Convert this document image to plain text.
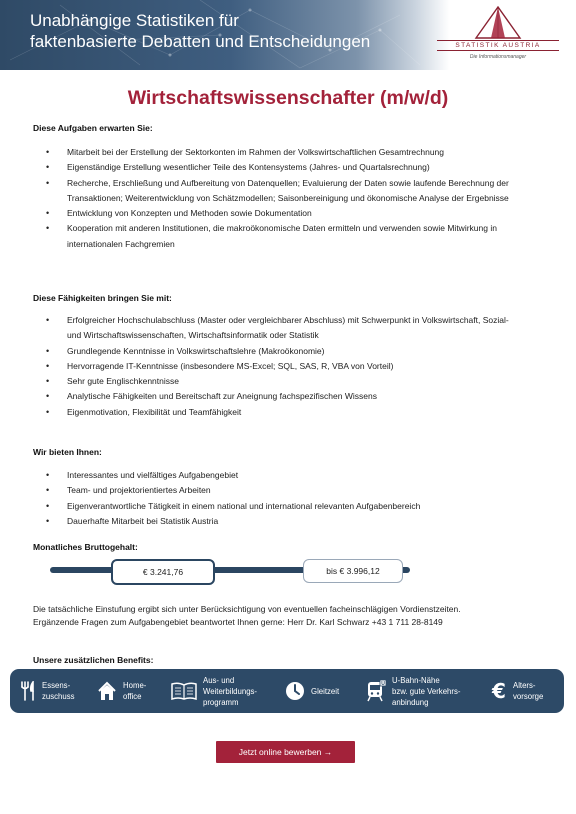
Unabhängige Statistiken für
faktenbasierte Debatten und Entscheidungen	STATISTIK AUSTRIA
Die Informationsmanager
Wirtschaftswissenschafter (m/w/d)
Diese Aufgaben erwarten Sie:
• Mitarbeit bei der Erstellung der Sektorkonten im Rahmen der Volkswirtschaftlichen Gesamtrechnung
• Eigenständige Erstellung wesentlicher Teile des Kontensystems (Jahres- und Quartalsrechnung)
• Recherche, Erschließung und Aufbereitung von Datenquellen; Evaluierung der Daten sowie laufende Berechnung der Transaktionen; Weiterentwicklung von Schätzmodellen; Saisonbereinigung und ökonomische Analyse der Ergebnisse
• Entwicklung von Konzepten und Methoden sowie Dokumentation
• Kooperation mit anderen Institutionen, die makroökonomische Daten ermitteln und verwenden sowie Mitwirkung in internationalen Fachgremien
Diese Fähigkeiten bringen Sie mit:
• Erfolgreicher Hochschulabschluss (Master oder vergleichbarer Abschluss) mit Schwerpunkt in Volkswirtschaft, Sozial- und Wirtschaftswissenschaften, Wirtschaftsinformatik oder Statistik
• Grundlegende Kenntnisse in Volkswirtschaftslehre (Makroökonomie)
• Hervorragende IT-Kenntnisse (insbesondere MS-Excel; SQL, SAS, R, VBA von Vorteil)
• Sehr gute Englischkenntnisse
• Analytische Fähigkeiten und Bereitschaft zur Aneignung fachspezifischen Wissens
• Eigenmotivation, Flexibilität und Teamfähigkeit
Wir bieten Ihnen:
• Interessantes und vielfältiges Aufgabengebiet
• Team- und projektorientiertes Arbeiten
• Eigenverantwortliche Tätigkeit in einem national und international relevanten Aufgabenbereich
• Dauerhafte Mitarbeit bei Statistik Austria
Monatliches Bruttogehalt:
€ 3.241,76	bis € 3.996,12
Die tatsächliche Einstufung ergibt sich unter Berücksichtigung von eventuellen facheinschlägigen Vordienstzeiten.
Ergänzende Fragen zum Aufgabengebiet beantwortet Ihnen gerne: Herr Dr. Karl Schwarz +43 1 711 28-8149
Unsere zusätzlichen Benefits:
Essens-
zuschuss
Home-
office
Aus- und
Weiterbildungs-
programm
Gleitzeit
U U-Bahn-Nähe
bzw. gute Verkehrs-
anbindung	€ Alters-
vorsorge
Jetzt online bewerben →
